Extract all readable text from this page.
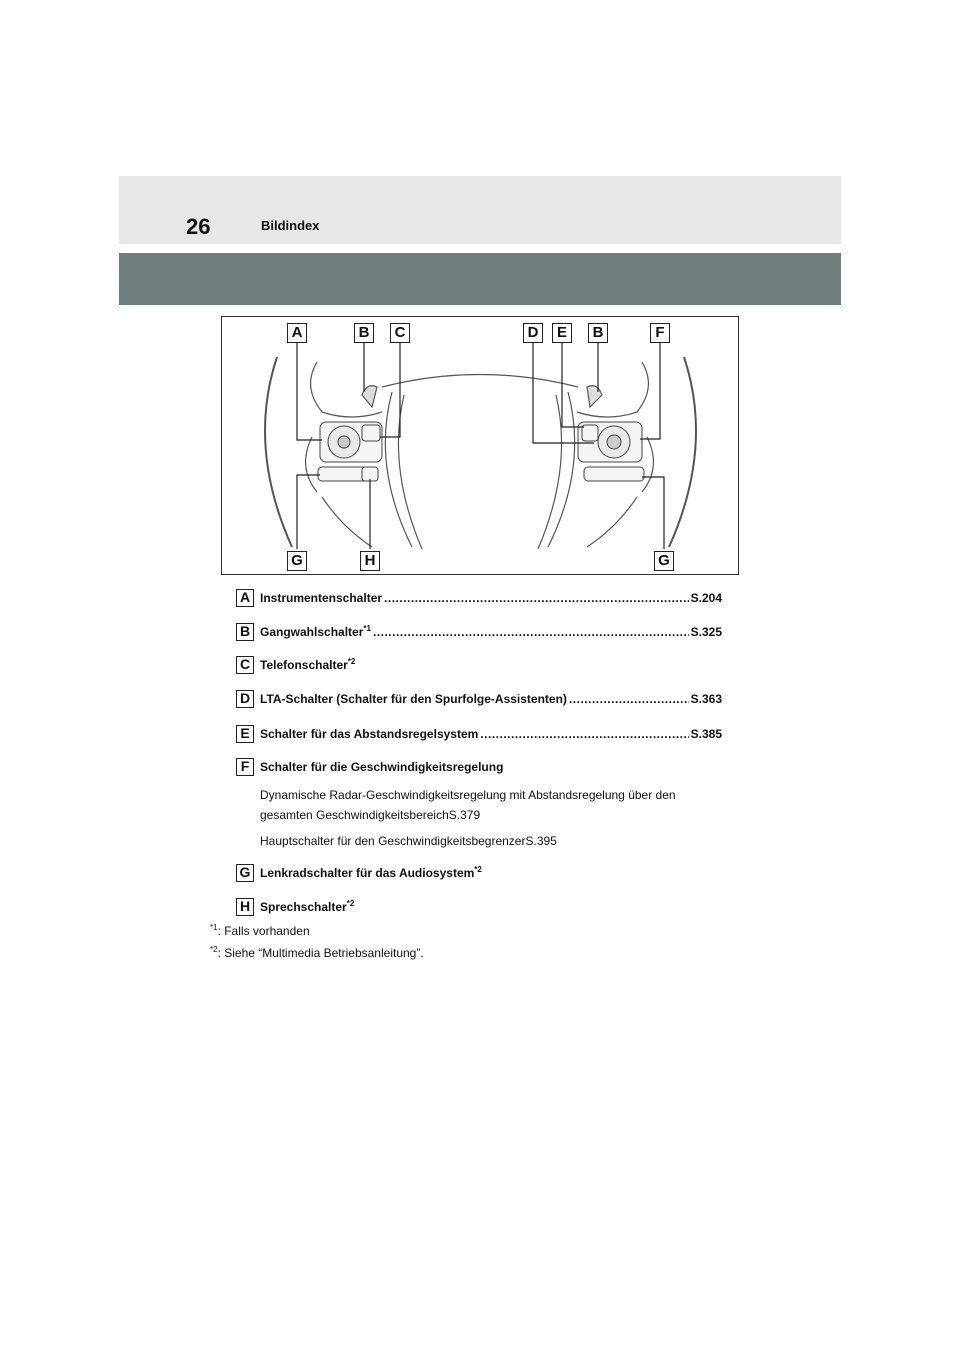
26	Bildindex
A	B	C	D	E	B	F
G	H	G
A Instrumentenschalter .....	S.204
B Gangwahlschalter$^{*1}$ .....	S.325
C Telefonschalter$^{*2}$
D LTA-Schalter (Schalter für den Spurfolge-Assistenten) .....	S.363
E Schalter für das Abstandsregelsystem .....	S.385
F Schalter für die Geschwindigkeitsregelung
Dynamische Radar-Geschwindigkeitsregelung mit Abstandsregelung über den
gesamten Geschwindigkeitsbereich S.379
Hauptschalter für den Geschwindigkeitsbegrenzer S.395
G Lenkradschalter für das Audiosystem$^{*2}$
H Sprechschalter$^{*2}$
$^{*1}$: Falls vorhanden
$^{*2}$: Siehe “Multimedia Betriebsanleitung”.
